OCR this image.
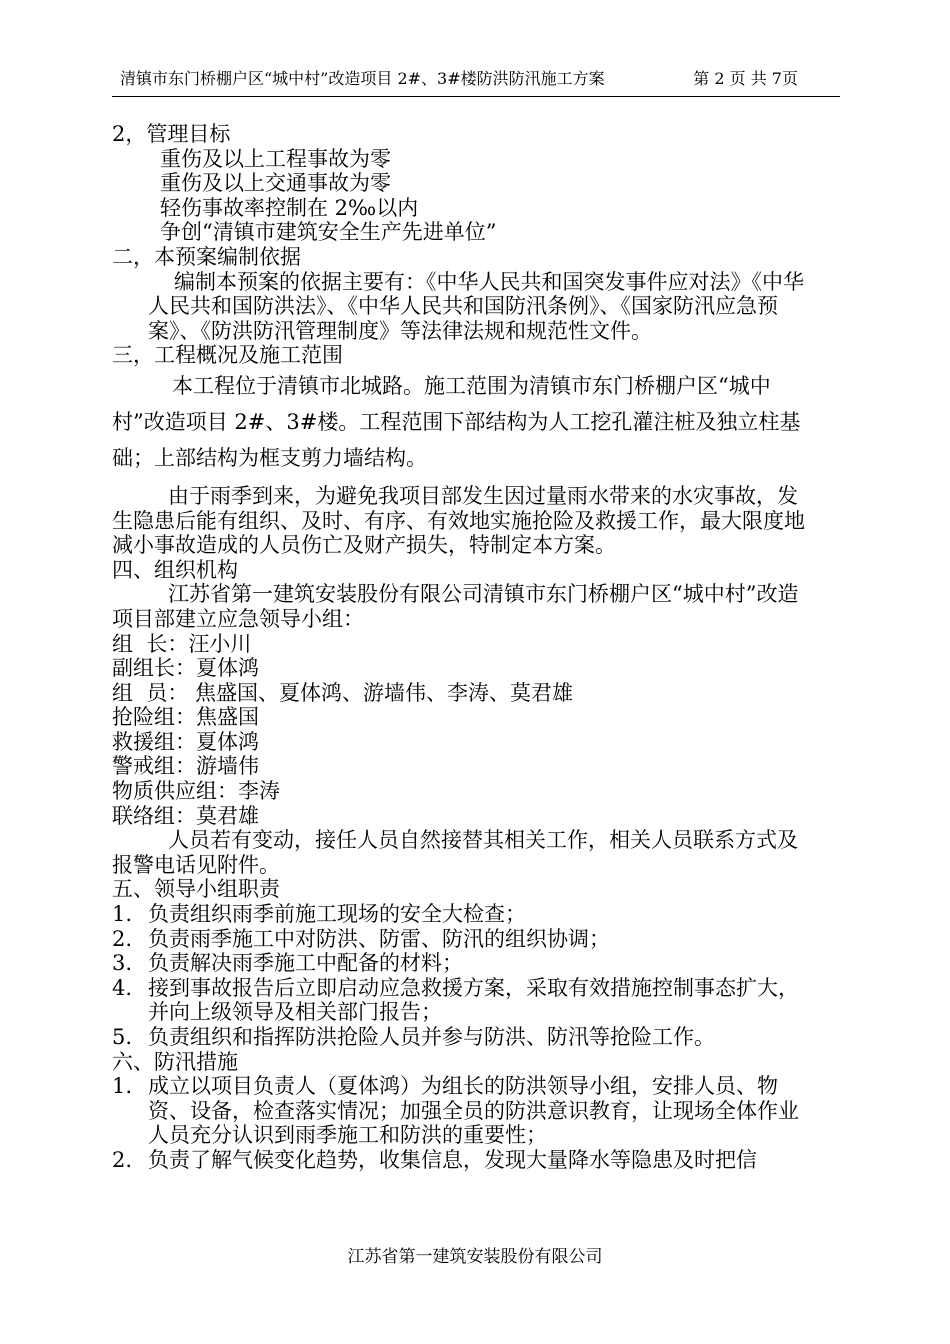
清镇市东门桥棚户区“城中村”改造项目 2#、3#楼防洪防汛施工方案	第 2 页 共 7页

2，管理目标

重伤及以上工程事故为零

重伤及以上交通事故为零

轻伤事故率控制在 2‰以内

争创“清镇市建筑安全生产先进单位”

二，本预案编制依据

编制本预案的依据主要有：《中华人民共和国突发事件应对法》《中华人民共和国防洪法》、《中华人民共和国防汛条例》、《国家防汛应急预案》、《防洪防汛管理制度》等法律法规和规范性文件。

三，工程概况及施工范围

本工程位于清镇市北城路。施工范围为清镇市东门桥棚户区“城中村”改造项目 2#、3#楼。工程范围下部结构为人工挖孔灌注桩及独立柱基础；上部结构为框支剪力墙结构。

由于雨季到来，为避免我项目部发生因过量雨水带来的水灾事故，发生隐患后能有组织、及时、有序、有效地实施抢险及救援工作，最大限度地减小事故造成的人员伤亡及财产损失，特制定本方案。

四、组织机构

江苏省第一建筑安装股份有限公司清镇市东门桥棚户区“城中村”改造项目部建立应急领导小组：

组  长：汪小川

副组长：夏体鸿

组  员： 焦盛国、夏体鸿、游墙伟、李涛、莫君雄

抢险组：焦盛国

救援组：夏体鸿

警戒组：游墙伟

物质供应组：李涛

联络组：莫君雄

人员若有变动，接任人员自然接替其相关工作，相关人员联系方式及报警电话见附件。

五、领导小组职责

1. 负责组织雨季前施工现场的安全大检查；
2. 负责雨季施工中对防洪、防雷、防汛的组织协调；
3. 负责解决雨季施工中配备的材料；
4. 接到事故报告后立即启动应急救援方案，采取有效措施控制事态扩大，并向上级领导及相关部门报告；
5. 负责组织和指挥防洪抢险人员并参与防洪、防汛等抢险工作。

六、防汛措施

1. 成立以项目负责人（夏体鸿）为组长的防洪领导小组，安排人员、物资、设备，检查落实情况；加强全员的防洪意识教育，让现场全体作业人员充分认识到雨季施工和防洪的重要性；
2. 负责了解气候变化趋势，收集信息，发现大量降水等隐患及时把信
江苏省第一建筑安装股份有限公司
